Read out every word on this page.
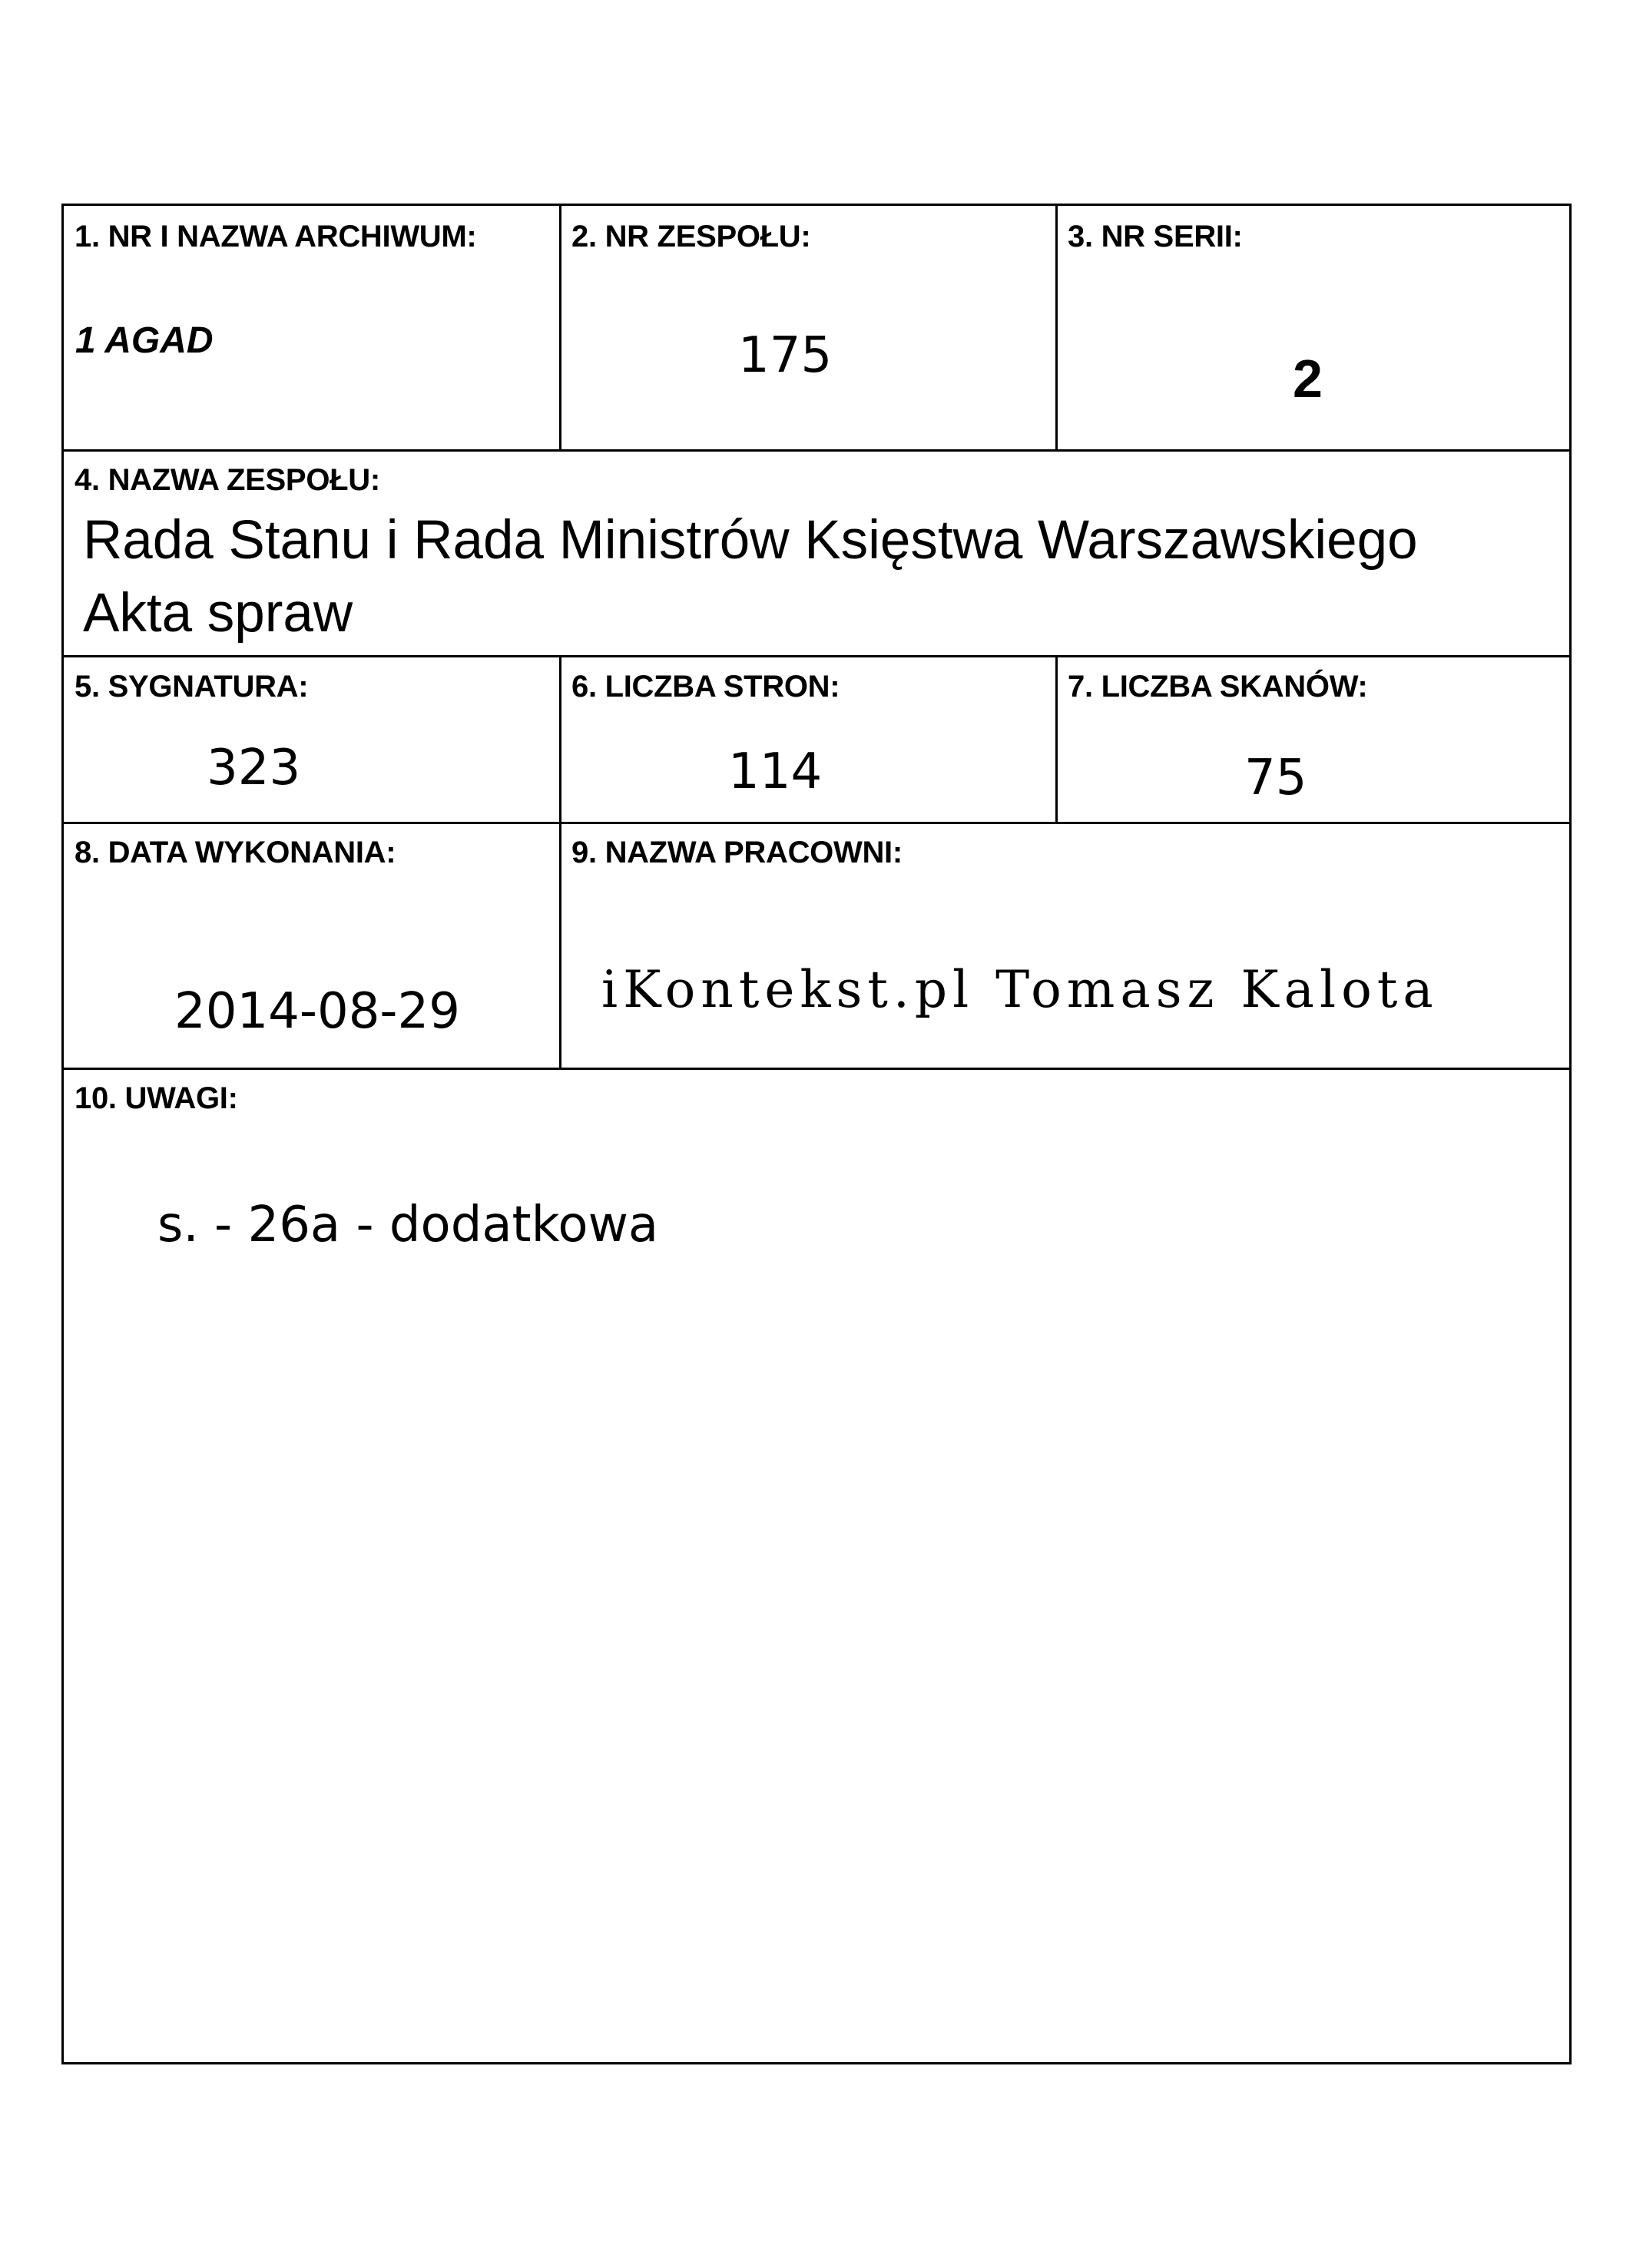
1. NR I NAZWA ARCHIWUM:
1 AGAD
2. NR ZESPOŁU:
175
3. NR SERII:
2
4. NAZWA ZESPOŁU:
Rada Stanu i Rada Ministrów Księstwa Warszawskiego
Akta spraw
5. SYGNATURA:
323
6. LICZBA STRON:
114
7. LICZBA SKANÓW:
75
8. DATA WYKONANIA:
2014-08-29
9. NAZWA PRACOWNI:
iKontekst.pl Tomasz Kalota
10. UWAGI:
s. - 26a - dodatkowa
